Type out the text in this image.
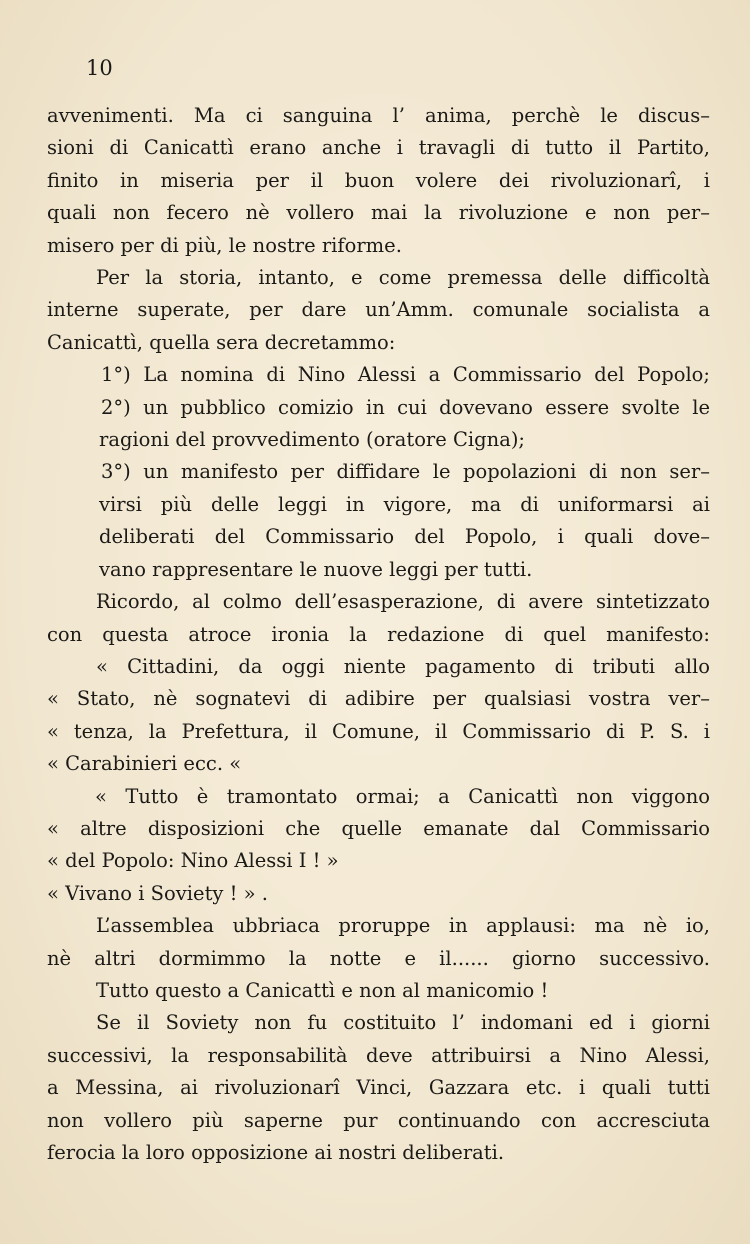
10
avvenimenti. Ma ci sanguina l’ anima, perchè le discus–
sioni di Canicattì erano anche i travagli di tutto il Partito,
finito in miseria per il buon volere dei rivoluzionarî, i
quali non fecero nè vollero mai la rivoluzione e non per–
misero per di più, le nostre riforme.
Per la storia, intanto, e come premessa delle difficoltà
interne superate, per dare un’Amm. comunale socialista a
Canicattì, quella sera decretammo:
1°) La nomina di Nino Alessi a Commissario del Popolo;
2°) un pubblico comizio in cui dovevano essere svolte le
ragioni del provvedimento (oratore Cigna);
3°) un manifesto per diffidare le popolazioni di non ser–
virsi più delle leggi in vigore, ma di uniformarsi ai
deliberati del Commissario del Popolo, i quali dove–
vano rappresentare le nuove leggi per tutti.
Ricordo, al colmo dell’esasperazione, di avere sintetizzato
con questa atroce ironia la redazione di quel manifesto:
« Cittadini, da oggi niente pagamento di tributi allo
« Stato, nè sognatevi di adibire per qualsiasi vostra ver–
« tenza, la Prefettura, il Comune, il Commissario di P. S. i
« Carabinieri ecc. «
« Tutto è tramontato ormai; a Canicattì non viggono
« altre disposizioni che quelle emanate dal Commissario
« del Popolo: Nino Alessi I ! »
« Vivano i Soviety ! » .
L’assemblea ubbriaca proruppe in applausi: ma nè io,
nè altri dormimmo la notte e il...... giorno successivo.
Tutto questo a Canicattì e non al manicomio !
Se il Soviety non fu costituito l’ indomani ed i giorni
successivi, la responsabilità deve attribuirsi a Nino Alessi,
a Messina, ai rivoluzionarî Vinci, Gazzara etc. i quali tutti
non vollero più saperne pur continuando con accresciuta
ferocia la loro opposizione ai nostri deliberati.
